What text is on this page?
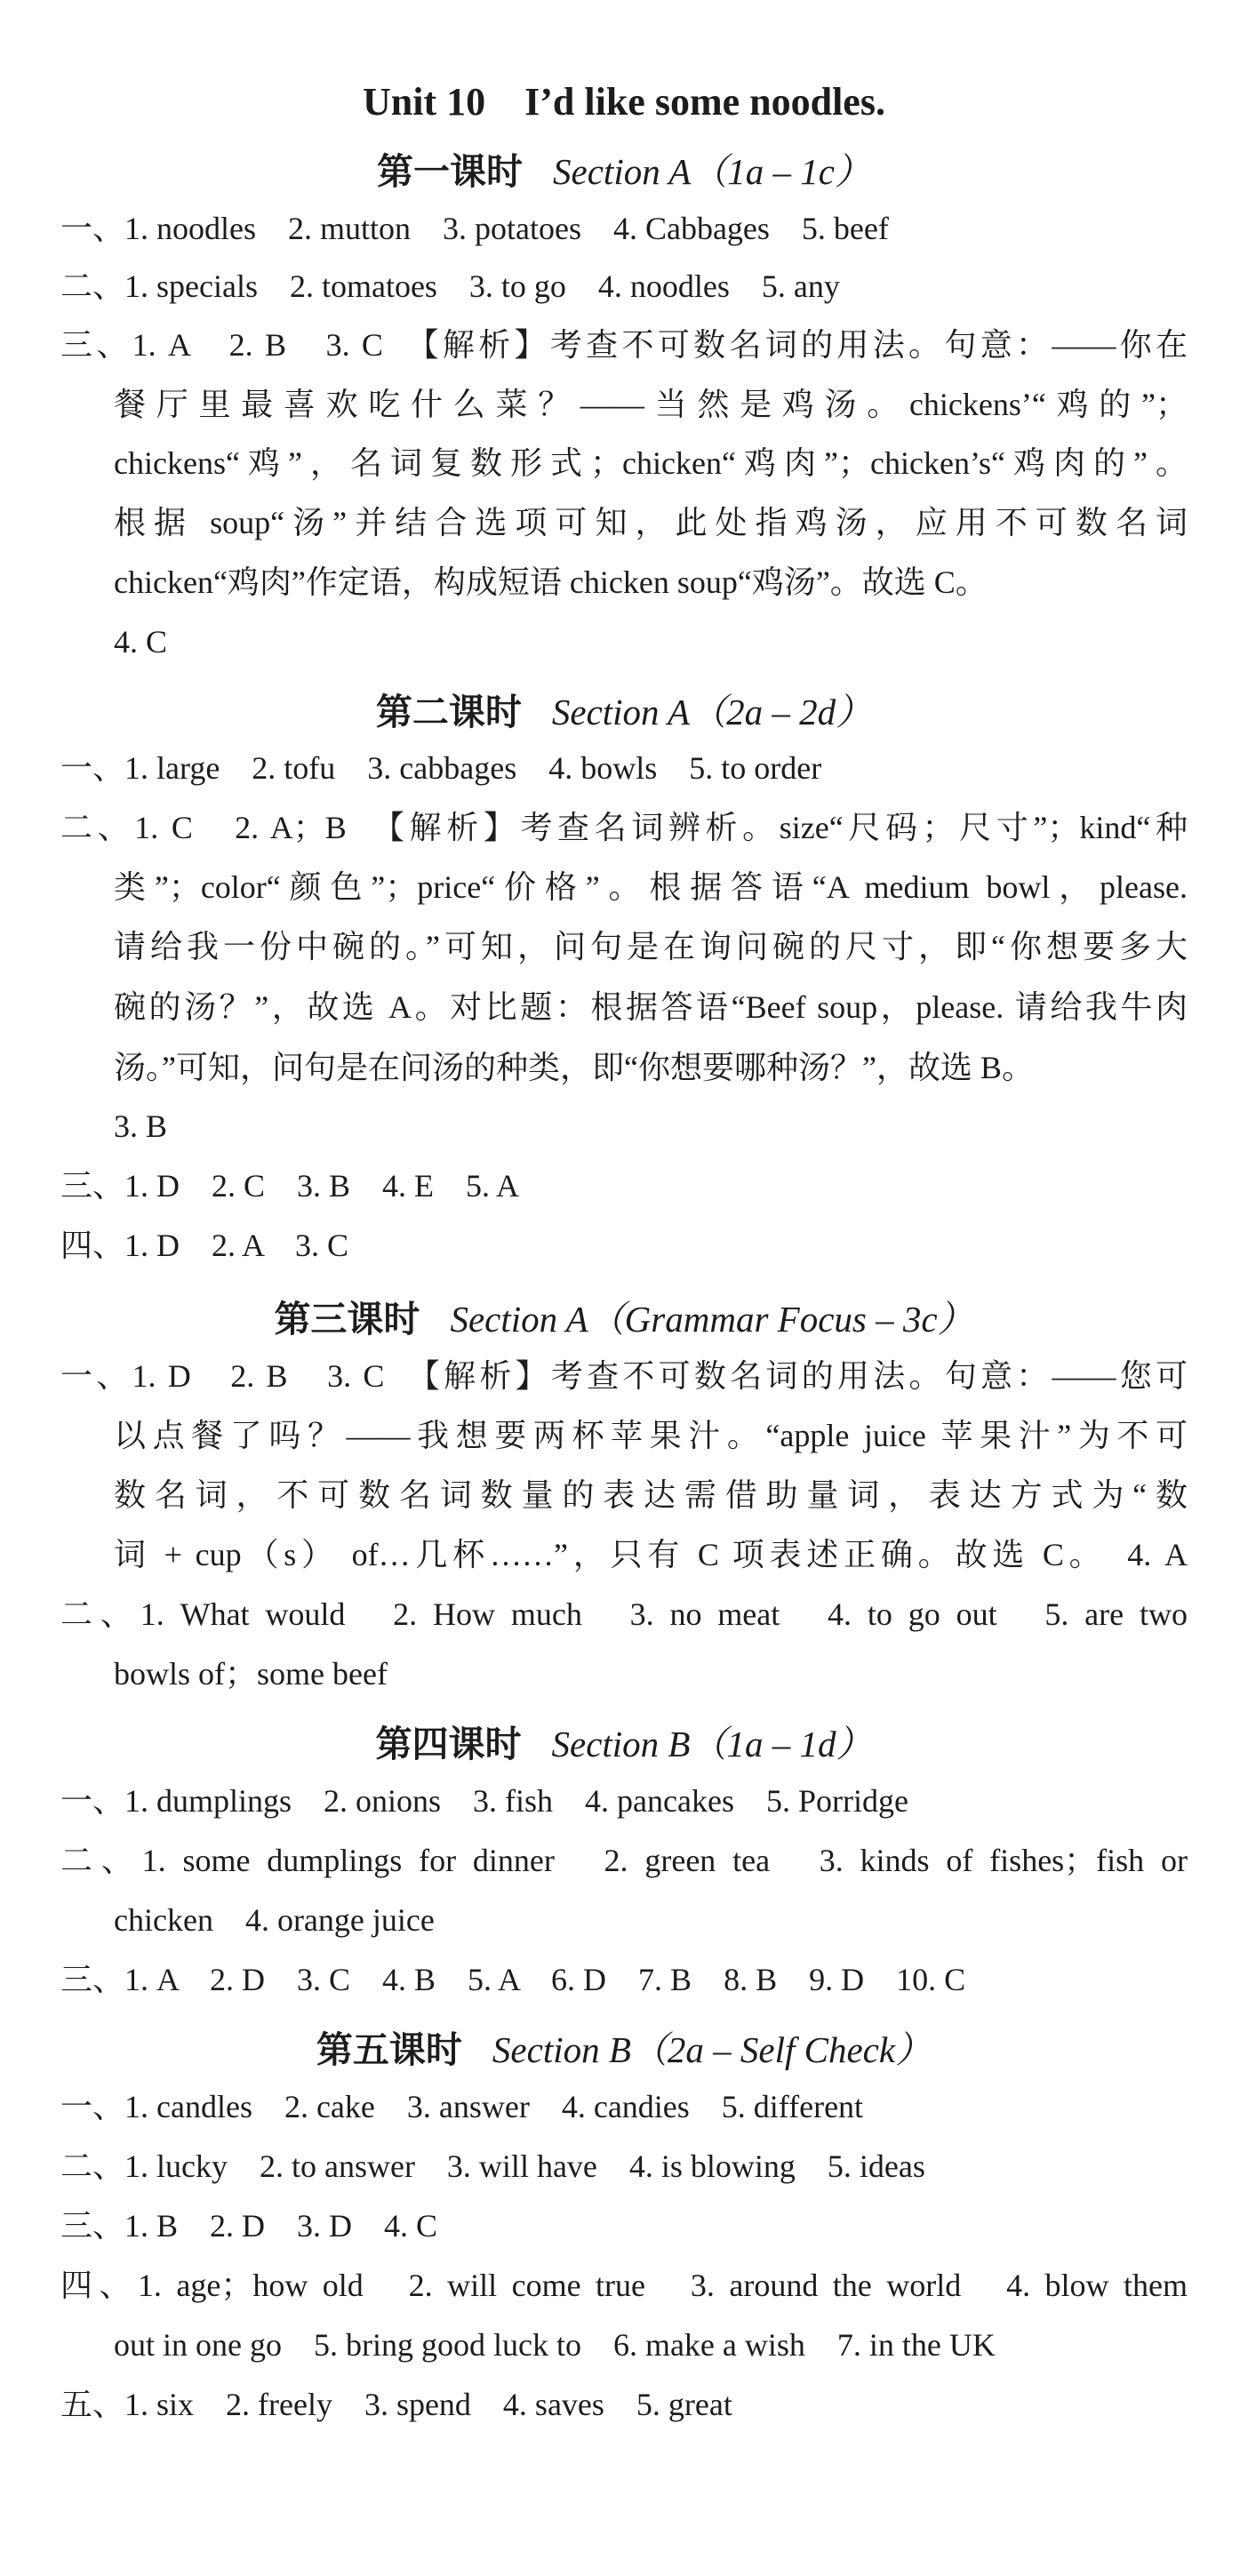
Unit 10　I’d like some noodles.
第一课时 Section A（1a – 1c）
一、1. noodles　2. mutton　3. potatoes　4. Cabbages　5. beef
二、1. specials　2. tomatoes　3. to go　4. noodles　5. any
三、1. A　2. B　3. C　【解析】考查不可数名词的用法。句意：——你在
餐厅里最喜欢吃什么菜？——当然是鸡汤。chickens’“鸡的”；
chickens“鸡”，名词复数形式；chicken“鸡肉”；chicken’s“鸡肉的”。
根据 soup“汤”并结合选项可知，此处指鸡汤，应用不可数名词
chicken“鸡肉”作定语，构成短语 chicken soup“鸡汤”。故选 C。
4. C
第二课时 Section A（2a – 2d）
一、1. large　2. tofu　3. cabbages　4. bowls　5. to order
二、1. C　2. A；B　【解析】考查名词辨析。size“尺码；尺寸”；kind“种
类”；color“颜色”；price“价格”。根据答语“A medium bowl，please.
请给我一份中碗的。”可知，问句是在询问碗的尺寸，即“你想要多大
碗的汤？”，故选 A。对比题：根据答语“Beef soup，please. 请给我牛肉
汤。”可知，问句是在问汤的种类，即“你想要哪种汤？”，故选 B。
3. B
三、1. D　2. C　3. B　4. E　5. A
四、1. D　2. A　3. C
第三课时 Section A（Grammar Focus – 3c）
一、1. D　2. B　3. C　【解析】考查不可数名词的用法。句意：——您可
以点餐了吗？——我想要两杯苹果汁。“apple juice 苹果汁”为不可
数名词，不可数名词数量的表达需借助量词，表达方式为“数
词 + cup（s） of…几杯……”，只有 C 项表述正确。故选 C。　4. A
二、1. What would　2. How much　3. no meat　4. to go out　5. are two
bowls of；some beef
第四课时 Section B（1a – 1d）
一、1. dumplings　2. onions　3. fish　4. pancakes　5. Porridge
二、1. some dumplings for dinner　2. green tea　3. kinds of fishes；fish or
chicken　4. orange juice
三、1. A　2. D　3. C　4. B　5. A　6. D　7. B　8. B　9. D　10. C
第五课时 Section B（2a – Self Check）
一、1. candles　2. cake　3. answer　4. candies　5. different
二、1. lucky　2. to answer　3. will have　4. is blowing　5. ideas
三、1. B　2. D　3. D　4. C
四、1. age；how old　2. will come true　3. around the world　4. blow them
out in one go　5. bring good luck to　6. make a wish　7. in the UK
五、1. six　2. freely　3. spend　4. saves　5. great
